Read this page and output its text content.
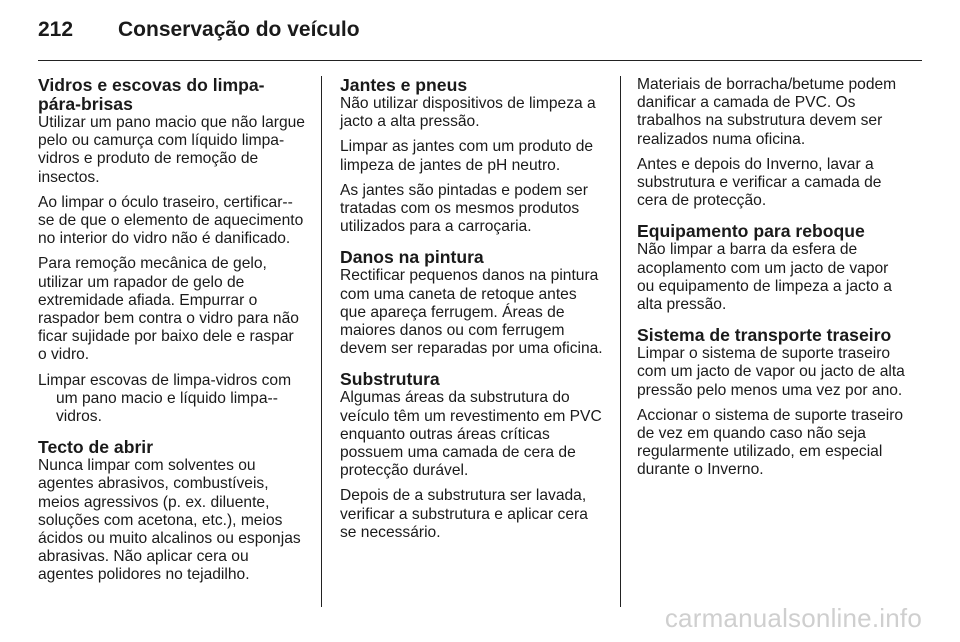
212 Conservação do veículo
Vidros e escovas do limpa-pára-brisas

Utilizar um pano macio que não largue pelo ou camurça com líquido limpa-vidros e produto de remoção de insectos.

Ao limpar o óculo traseiro, certificar--se de que o elemento de aquecimento no interior do vidro não é danificado.

Para remoção mecânica de gelo, utilizar um rapador de gelo de extremidade afiada. Empurrar o raspador bem contra o vidro para não ficar sujidade por baixo dele e raspar o vidro.

Limpar escovas de limpa-vidros com um pano macio e líquido limpa--vidros.

Tecto de abrir

Nunca limpar com solventes ou agentes abrasivos, combustíveis, meios agressivos (p. ex. diluente, soluções com acetona, etc.), meios ácidos ou muito alcalinos ou esponjas abrasivas. Não aplicar cera ou agentes polidores no tejadilho.

Jantes e pneus

Não utilizar dispositivos de limpeza a jacto a alta pressão.

Limpar as jantes com um produto de limpeza de jantes de pH neutro.

As jantes são pintadas e podem ser tratadas com os mesmos produtos utilizados para a carroçaria.

Danos na pintura

Rectificar pequenos danos na pintura com uma caneta de retoque antes que apareça ferrugem. Áreas de maiores danos ou com ferrugem devem ser reparadas por uma oficina.

Substrutura

Algumas áreas da substrutura do veículo têm um revestimento em PVC enquanto outras áreas críticas possuem uma camada de cera de protecção durável.

Depois de a substrutura ser lavada, verificar a substrutura e aplicar cera se necessário.

Materiais de borracha/betume podem danificar a camada de PVC. Os trabalhos na substrutura devem ser realizados numa oficina.

Antes e depois do Inverno, lavar a substrutura e verificar a camada de cera de protecção.

Equipamento para reboque

Não limpar a barra da esfera de acoplamento com um jacto de vapor ou equipamento de limpeza a jacto a alta pressão.

Sistema de transporte traseiro

Limpar o sistema de suporte traseiro com um jacto de vapor ou jacto de alta pressão pelo menos uma vez por ano.

Accionar o sistema de suporte traseiro de vez em quando caso não seja regularmente utilizado, em especial durante o Inverno.

carmanualsonline.info
